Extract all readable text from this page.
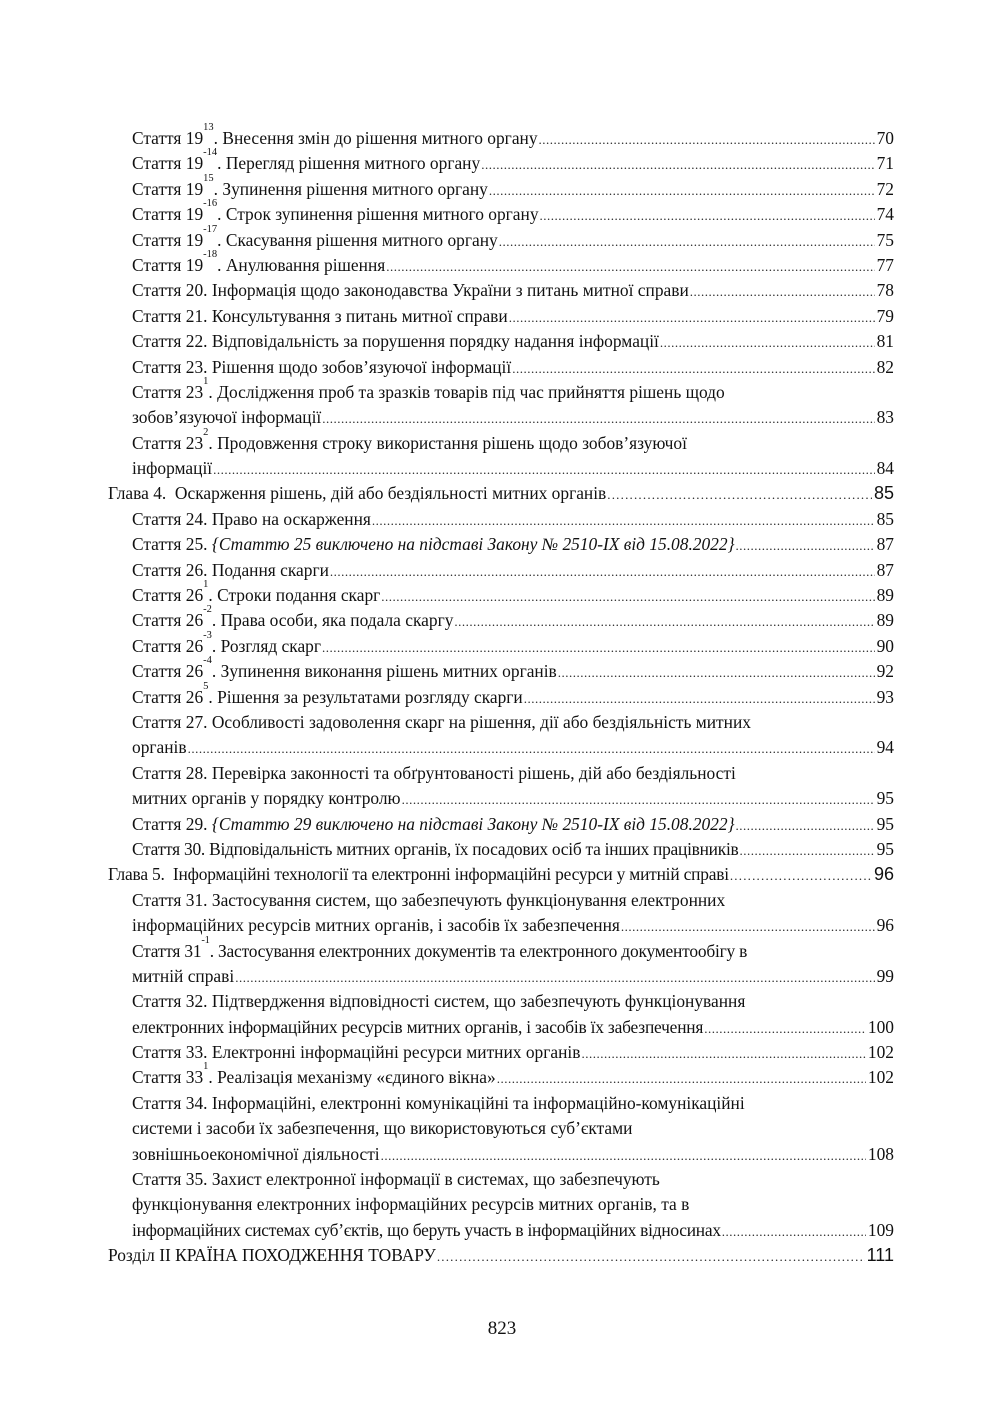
Стаття $19^{13}$. Внесення змін до рішення митного органу .....	70
Стаття $19^{-14}$. Перегляд рішення митного органу .....	71
Стаття $19^{15}$. Зупинення рішення митного органу .....	72
Стаття $19^{-16}$. Строк зупинення рішення митного органу .....	74
Стаття $19^{-17}$. Скасування рішення митного органу .....	75
Стаття $19^{-18}$. Анулювання рішення .....	77
Стаття 20. Інформація щодо законодавства України з питань митної справи .....	78
Стаття 21. Консультування з питань митної справи .....	79
Стаття 22. Відповідальність за порушення порядку надання інформації .....	81
Стаття 23. Рішення щодо зобов’язуючої інформації .....	82
Стаття $23^1$. Дослідження проб та зразків товарів під час прийняття рішень щодо
зобов’язуючої інформації .....	83
Стаття $23^2$. Продовження строку використання рішень щодо зобов’язуючої
інформації .....	84
Глава 4.  Оскарження рішень, дій або бездіяльності митних органів .....	85
Стаття 24. Право на оскарження .....	85
Стаття 25. {Статтю 25 виключено на підставі Закону № 2510-IX від 15.08.2022} .....	87
Стаття 26. Подання скарги .....	87
Стаття $26^1$. Строки подання скарг .....	89
Стаття $26^{-2}$. Права особи, яка подала скаргу .....	89
Стаття $26^{-3}$. Розгляд скарг .....	90
Стаття $26^{-4}$. Зупинення виконання рішень митних органів .....	92
Стаття $26^5$. Рішення за результатами розгляду скарги .....	93
Стаття 27. Особливості задоволення скарг на рішення, дії або бездіяльність митних
органів .....	94
Стаття 28. Перевірка законності та обґрунтованості рішень, дій або бездіяльності
митних органів у порядку контролю .....	95
Стаття 29. {Статтю 29 виключено на підставі Закону № 2510-IX від 15.08.2022} .....	95
Стаття 30. Відповідальність митних органів, їх посадових осіб та інших працівників .....	95
Глава 5.  Інформаційні технології та електронні інформаційні ресурси у митній справі .....	96
Стаття 31. Застосування систем, що забезпечують функціонування електронних
інформаційних ресурсів митних органів, і засобів їх забезпечення .....	96
Стаття $31^{-1}$. Застосування електронних документів та електронного документообігу в
митній справі .....	99
Стаття 32. Підтвердження відповідності систем, що забезпечують функціонування
електронних інформаційних ресурсів митних органів, і засобів їх забезпечення .....	100
Стаття 33. Електронні інформаційні ресурси митних органів .....	102
Стаття $33^1$. Реалізація механізму «єдиного вікна» .....	102
Стаття 34. Інформаційні, електронні комунікаційні та інформаційно-комунікаційні
системи і засоби їх забезпечення, що використовуються суб’єктами
зовнішньоекономічної діяльності .....	108
Стаття 35. Захист електронної інформації в системах, що забезпечують
функціонування електронних інформаційних ресурсів митних органів, та в
інформаційних системах суб’єктів, що беруть участь в інформаційних відносинах .....	109
Розділ II КРАЇНА ПОХОДЖЕННЯ ТОВАРУ .....	111
823
